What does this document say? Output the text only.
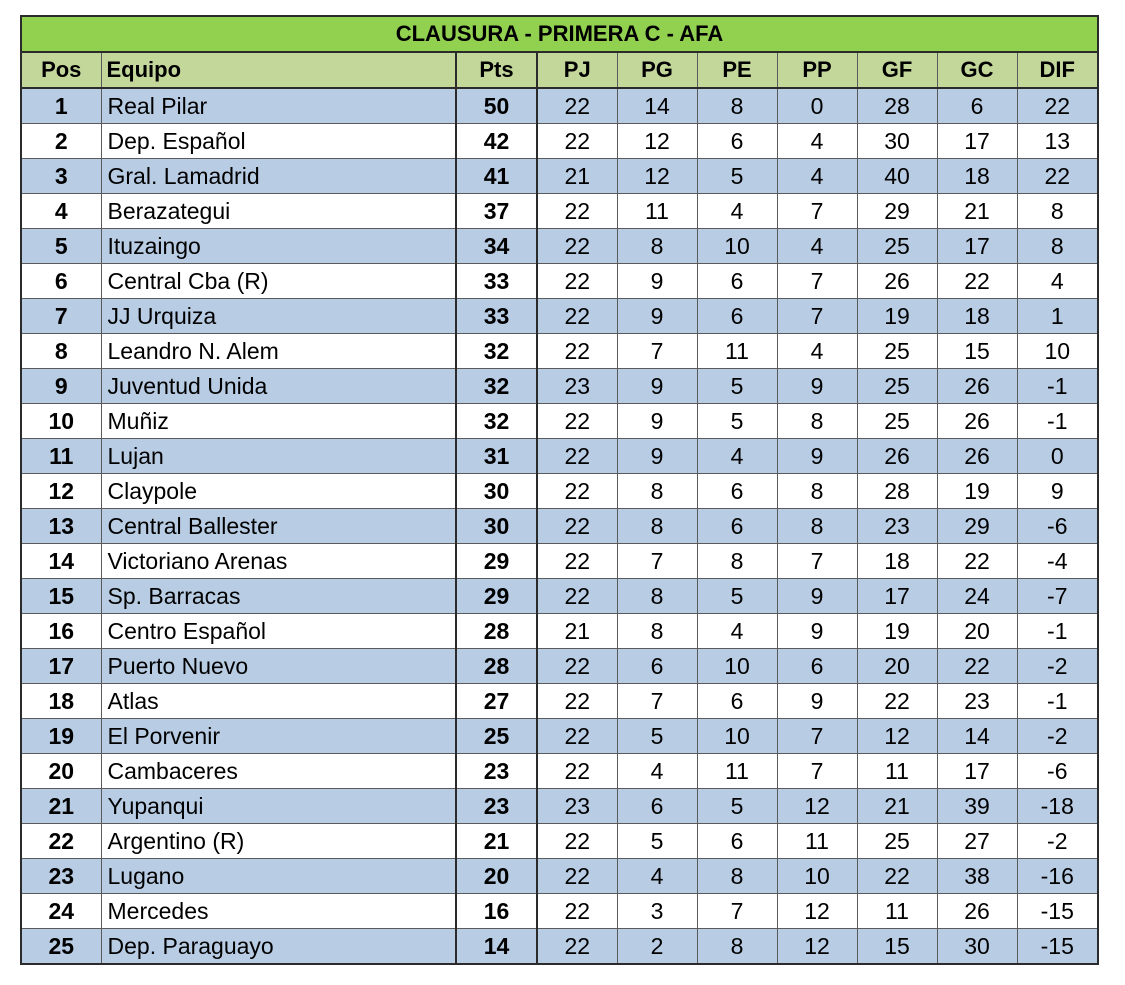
CLAUSURA - PRIMERA C - AFA									
Pos	Equipo	Pts	PJ	PG	PE	PP	GF	GC	DIF
1	Real Pilar	50	22	14	8	0	28	6	22
2	Dep. Español	42	22	12	6	4	30	17	13
3	Gral. Lamadrid	41	21	12	5	4	40	18	22
4	Berazategui	37	22	11	4	7	29	21	8
5	Ituzaingo	34	22	8	10	4	25	17	8
6	Central Cba (R)	33	22	9	6	7	26	22	4
7	JJ Urquiza	33	22	9	6	7	19	18	1
8	Leandro N. Alem	32	22	7	11	4	25	15	10
9	Juventud Unida	32	23	9	5	9	25	26	-1
10	Muñiz	32	22	9	5	8	25	26	-1
11	Lujan	31	22	9	4	9	26	26	0
12	Claypole	30	22	8	6	8	28	19	9
13	Central Ballester	30	22	8	6	8	23	29	-6
14	Victoriano Arenas	29	22	7	8	7	18	22	-4
15	Sp. Barracas	29	22	8	5	9	17	24	-7
16	Centro Español	28	21	8	4	9	19	20	-1
17	Puerto Nuevo	28	22	6	10	6	20	22	-2
18	Atlas	27	22	7	6	9	22	23	-1
19	El Porvenir	25	22	5	10	7	12	14	-2
20	Cambaceres	23	22	4	11	7	11	17	-6
21	Yupanqui	23	23	6	5	12	21	39	-18
22	Argentino (R)	21	22	5	6	11	25	27	-2
23	Lugano	20	22	4	8	10	22	38	-16
24	Mercedes	16	22	3	7	12	11	26	-15
25	Dep. Paraguayo	14	22	2	8	12	15	30	-15
